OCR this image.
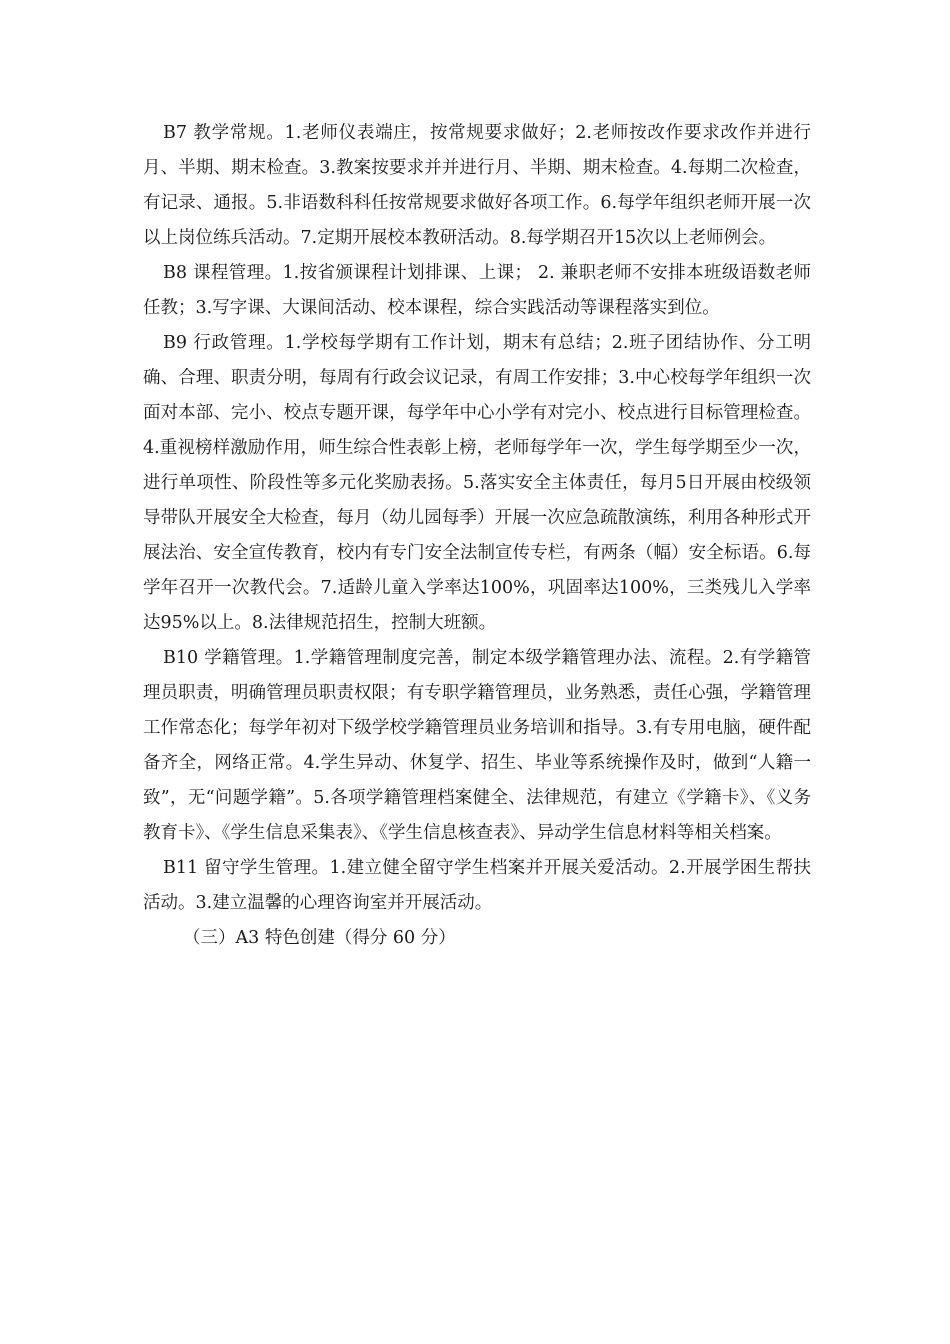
B7 教学常规。1.老师仪表端庄，按常规要求做好；2.老师按改作要求改作并进行月、半期、期末检查。3.教案按要求并并进行月、半期、期末检查。4.每期二次检查，有记录、通报。5.非语数科科任按常规要求做好各项工作。6.每学年组织老师开展一次以上岗位练兵活动。7.定期开展校本教研活动。8.每学期召开15次以上老师例会。

B8 课程管理。1.按省颁课程计划排课、上课； 2. 兼职老师不安排本班级语数老师任教；3.写字课、大课间活动、校本课程，综合实践活动等课程落实到位。

B9 行政管理。1.学校每学期有工作计划，期末有总结；2.班子团结协作、分工明确、合理、职责分明，每周有行政会议记录，有周工作安排；3.中心校每学年组织一次面对本部、完小、校点专题开课，每学年中心小学有对完小、校点进行目标管理检查。4.重视榜样激励作用，师生综合性表彰上榜，老师每学年一次，学生每学期至少一次，进行单项性、阶段性等多元化奖励表扬。5.落实安全主体责任，每月5日开展由校级领导带队开展安全大检查，每月（幼儿园每季）开展一次应急疏散演练，利用各种形式开展法治、安全宣传教育，校内有专门安全法制宣传专栏，有两条（幅）安全标语。6.每学年召开一次教代会。7.适龄儿童入学率达100%，巩固率达100%，三类残儿入学率达95%以上。8.法律规范招生，控制大班额。

B10 学籍管理。1.学籍管理制度完善，制定本级学籍管理办法、流程。2.有学籍管理员职责，明确管理员职责权限；有专职学籍管理员，业务熟悉，责任心强，学籍管理工作常态化；每学年初对下级学校学籍管理员业务培训和指导。3.有专用电脑，硬件配备齐全，网络正常。4.学生异动、休复学、招生、毕业等系统操作及时，做到“人籍一致”，无“问题学籍”。5.各项学籍管理档案健全、法律规范，有建立《学籍卡》、《义务教育卡》、《学生信息采集表》、《学生信息核查表》、异动学生信息材料等相关档案。

B11 留守学生管理。1.建立健全留守学生档案并开展关爱活动。2.开展学困生帮扶活动。3.建立温馨的心理咨询室并开展活动。

（三）A3 特色创建（得分 60 分）
